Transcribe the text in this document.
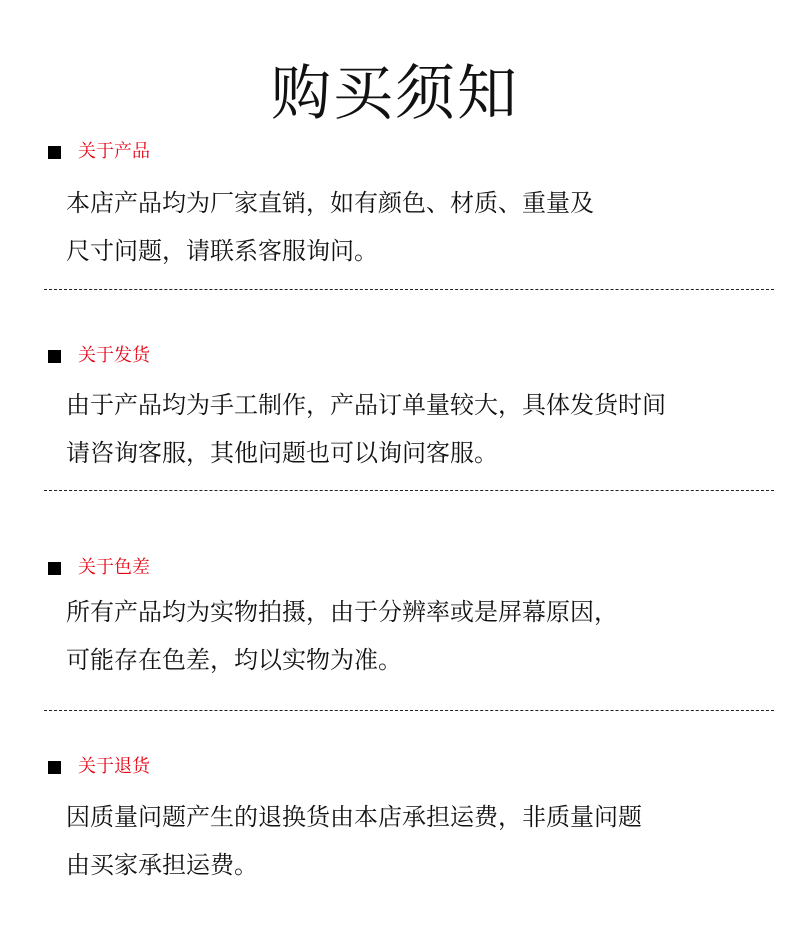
购买须知
关于产品
本店产品均为厂家直销，如有颜色、材质、重量及
尺寸问题，请联系客服询问。
关于发货
由于产品均为手工制作，产品订单量较大，具体发货时间
请咨询客服，其他问题也可以询问客服。
关于色差
所有产品均为实物拍摄，由于分辨率或是屏幕原因，
可能存在色差，均以实物为准。
关于退货
因质量问题产生的退换货由本店承担运费，非质量问题
由买家承担运费。
